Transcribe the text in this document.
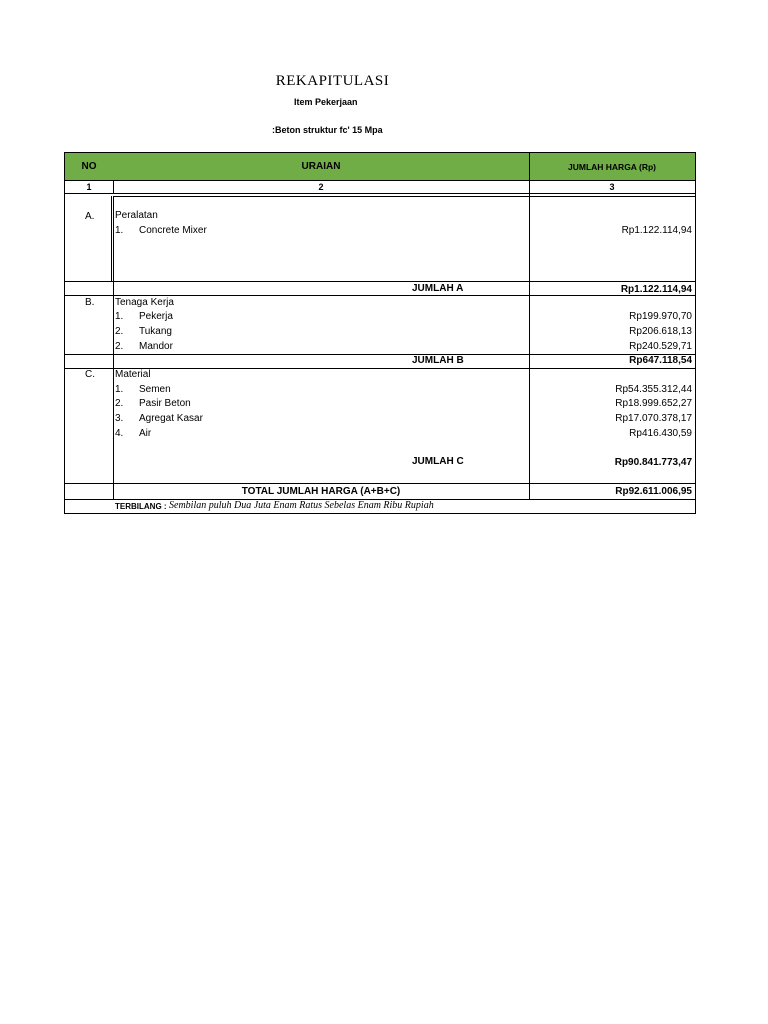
REKAPITULASI
Item Pekerjaan
:Beton struktur fc' 15 Mpa
NO	URAIAN	JUMLAH HARGA (Rp)
1	2	3
A. Peralatan
1. Concrete Mixer	Rp1.122.114,94
JUMLAH A	Rp1.122.114,94
B. Tenaga Kerja
1. Pekerja	Rp199.970,70
2. Tukang	Rp206.618,13
2. Mandor	Rp240.529,71
JUMLAH B	Rp647.118,54
C. Material
1. Semen	Rp54.355.312,44
2. Pasir Beton	Rp18.999.652,27
3. Agregat Kasar	Rp17.070.378,17
4. Air	Rp416.430,59
JUMLAH C	Rp90.841.773,47
TOTAL JUMLAH HARGA (A+B+C)	Rp92.611.006,95
TERBILANG : Sembilan puluh Dua Juta Enam Ratus Sebelas Enam Ribu Rupiah
